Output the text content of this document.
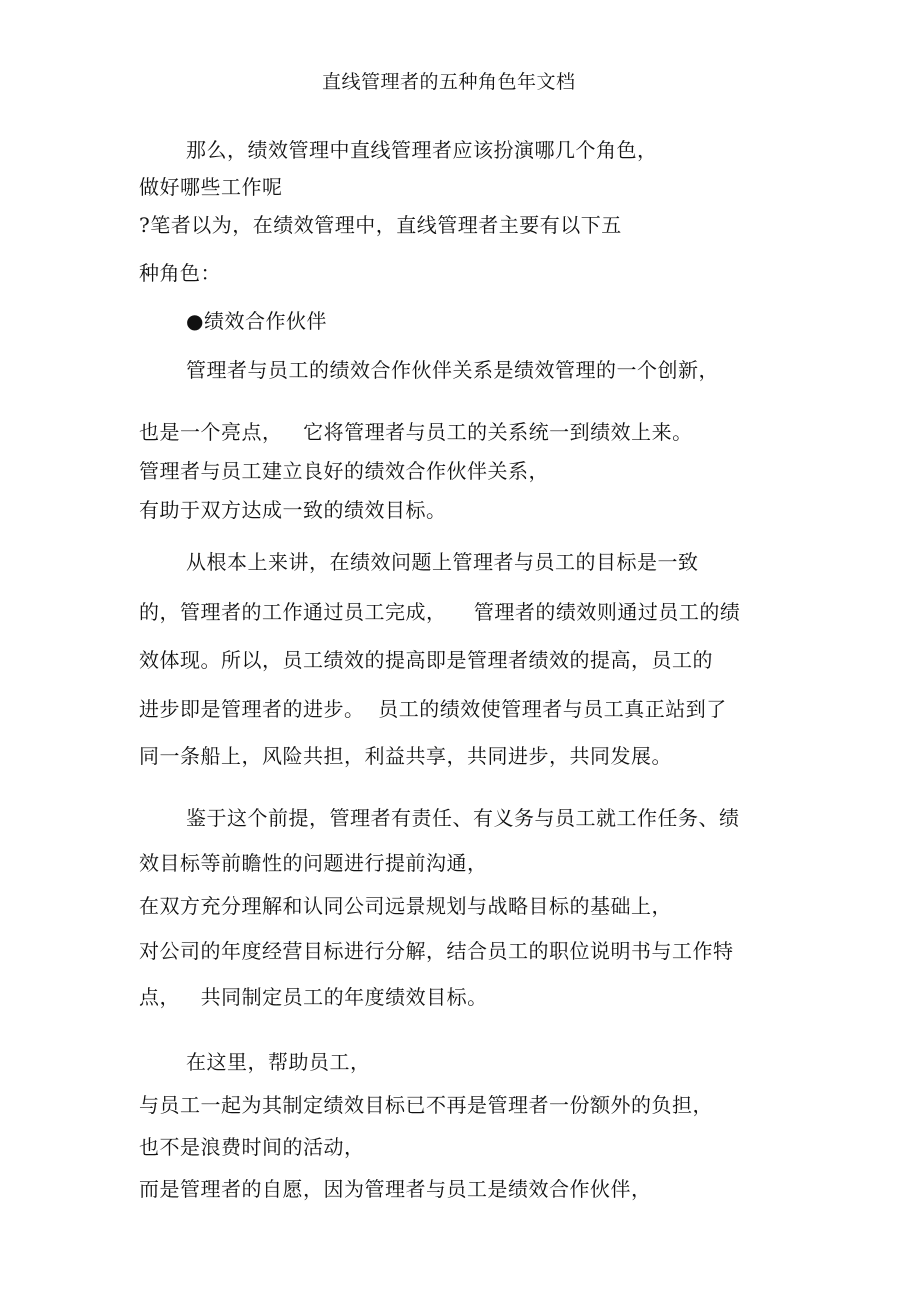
直线管理者的五种角色年文档
那么，绩效管理中直线管理者应该扮演哪几个角色，
做好哪些工作呢
?笔者以为，在绩效管理中，直线管理者主要有以下五
种角色：
●绩效合作伙伴
管理者与员工的绩效合作伙伴关系是绩效管理的一个创新，
也是一个亮点，   它将管理者与员工的关系统一到绩效上来。
管理者与员工建立良好的绩效合作伙伴关系，
有助于双方达成一致的绩效目标。
从根本上来讲，在绩效问题上管理者与员工的目标是一致
的，管理者的工作通过员工完成，    管理者的绩效则通过员工的绩
效体现。所以，员工绩效的提高即是管理者绩效的提高，员工的
进步即是管理者的进步。  员工的绩效使管理者与员工真正站到了
同一条船上，风险共担，利益共享，共同进步，共同发展。
鉴于这个前提，管理者有责任、有义务与员工就工作任务、绩
效目标等前瞻性的问题进行提前沟通，
在双方充分理解和认同公司远景规划与战略目标的基础上，
对公司的年度经营目标进行分解，结合员工的职位说明书与工作特
点，   共同制定员工的年度绩效目标。
在这里，帮助员工，
与员工一起为其制定绩效目标已不再是管理者一份额外的负担，
也不是浪费时间的活动，
而是管理者的自愿，因为管理者与员工是绩效合作伙伴，
